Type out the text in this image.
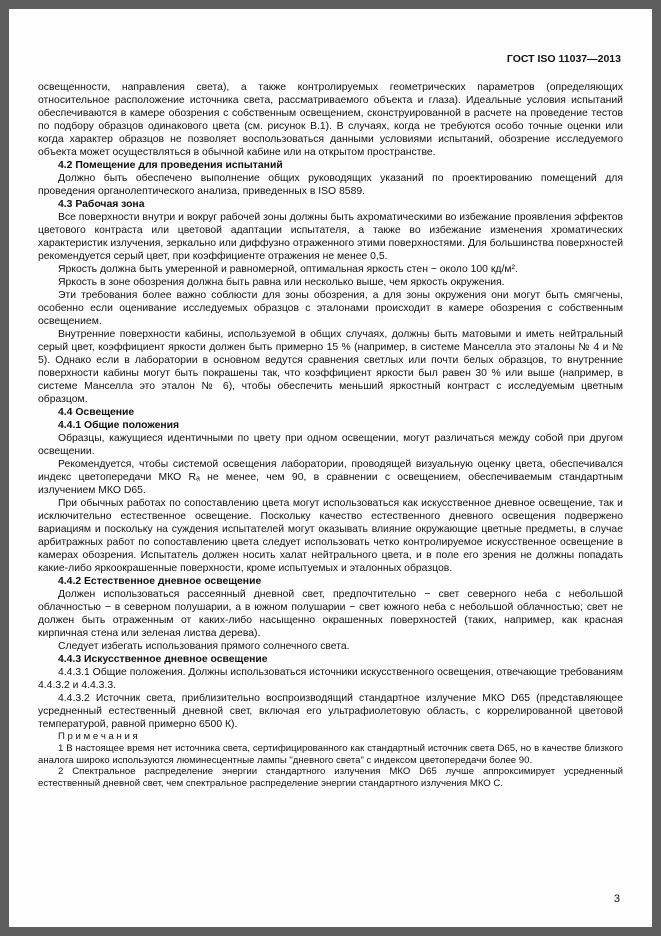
ГОСТ ISO 11037—2013

освещенности, направления света), а также контролируемых геометрических параметров (определяющих относительное расположение источника света, рассматриваемого объекта и глаза). Идеальные условия испытаний обеспечиваются в камере обозрения с собственным освещением, сконструированной в расчете на проведение тестов по подбору образцов одинакового цвета (см. рисунок В.1). В случаях, когда не требуются особо точные оценки или когда характер образцов не позволяет воспользоваться данными условиями испытаний, обозрение исследуемого объекта может осуществляться в обычной кабине или на открытом пространстве.

4.2 Помещение для проведения испытаний

Должно быть обеспечено выполнение общих руководящих указаний по проектированию помещений для проведения органолептического анализа, приведенных в ISO 8589.

4.3 Рабочая зона

Все поверхности внутри и вокруг рабочей зоны должны быть ахроматическими во избежание проявления эффектов цветового контраста или цветовой адаптации испытателя, а также во избежание изменения хроматических характеристик излучения, зеркально или диффузно отраженного этими поверхностями. Для большинства поверхностей рекомендуется серый цвет, при коэффициенте отражения не менее 0,5.

Яркость должна быть умеренной и равномерной, оптимальная яркость стен − около 100 кд/м².

Яркость в зоне обозрения должна быть равна или несколько выше, чем яркость окружения.

Эти требования более важно соблюсти для зоны обозрения, а для зоны окружения они могут быть смягчены, особенно если оценивание исследуемых образцов с эталонами происходит в камере обозрения с собственным освещением.

Внутренние поверхности кабины, используемой в общих случаях, должны быть матовыми и иметь нейтральный серый цвет, коэффициент яркости должен быть примерно 15 % (например, в системе Манселла это эталоны № 4 и № 5). Однако если в лаборатории в основном ведутся сравнения светлых или почти белых образцов, то внутренние поверхности кабины могут быть покрашены так, что коэффициент яркости был равен 30 % или выше (например, в системе Манселла это эталон № 6), чтобы обеспечить меньший яркостный контраст с исследуемым цветным образцом.

4.4 Освещение

4.4.1 Общие положения

Образцы, кажущиеся идентичными по цвету при одном освещении, могут различаться между собой при другом освещении.

Рекомендуется, чтобы системой освещения лаборатории, проводящей визуальную оценку цвета, обеспечивался индекс цветопередачи МКО Rₐ не менее, чем 90, в сравнении с освещением, обеспечиваемым стандартным излучением МКО D65.

При обычных работах по сопоставлению цвета могут использоваться как искусственное дневное освещение, так и исключительно естественное освещение. Поскольку качество естественного дневного освещения подвержено вариациям и поскольку на суждения испытателей могут оказывать влияние окружающие цветные предметы, в случае арбитражных работ по сопоставлению цвета следует использовать четко контролируемое искусственное освещение в камерах обозрения. Испытатель должен носить халат нейтрального цвета, и в поле его зрения не должны попадать какие-либо яркоокрашенные поверхности, кроме испытуемых и эталонных образцов.

4.4.2 Естественное дневное освещение

Должен использоваться рассеянный дневной свет, предпочтительно − свет северного неба с небольшой облачностью − в северном полушарии, а в южном полушарии − свет южного неба с небольшой облачностью; свет не должен быть отраженным от каких-либо насыщенно окрашенных поверхностей (таких, например, как красная кирпичная стена или зеленая листва дерева).

Следует избегать использования прямого солнечного света.

4.4.3 Искусственное дневное освещение

4.4.3.1 Общие положения. Должны использоваться источники искусственного освещения, отвечающие требованиям 4.4.3.2 и 4.4.3.3.

4.4.3.2 Источник света, приблизительно воспроизводящий стандартное излучение МКО D65 (представляющее усредненный естественный дневной свет, включая его ультрафиолетовую область, с коррелированной цветовой температурой, равной примерно 6500 К).

П р и м е ч а н и я

1 В настоящее время нет источника света, сертифицированного как стандартный источник света D65, но в качестве близкого аналога широко используются люминесцентные лампы "дневного света" с индексом цветопередачи более 90.

2 Спектральное распределение энергии стандартного излучения МКО D65 лучше аппроксимирует усредненный естественный дневной свет, чем спектральное распределение энергии стандартного излучения МКО С.

3
